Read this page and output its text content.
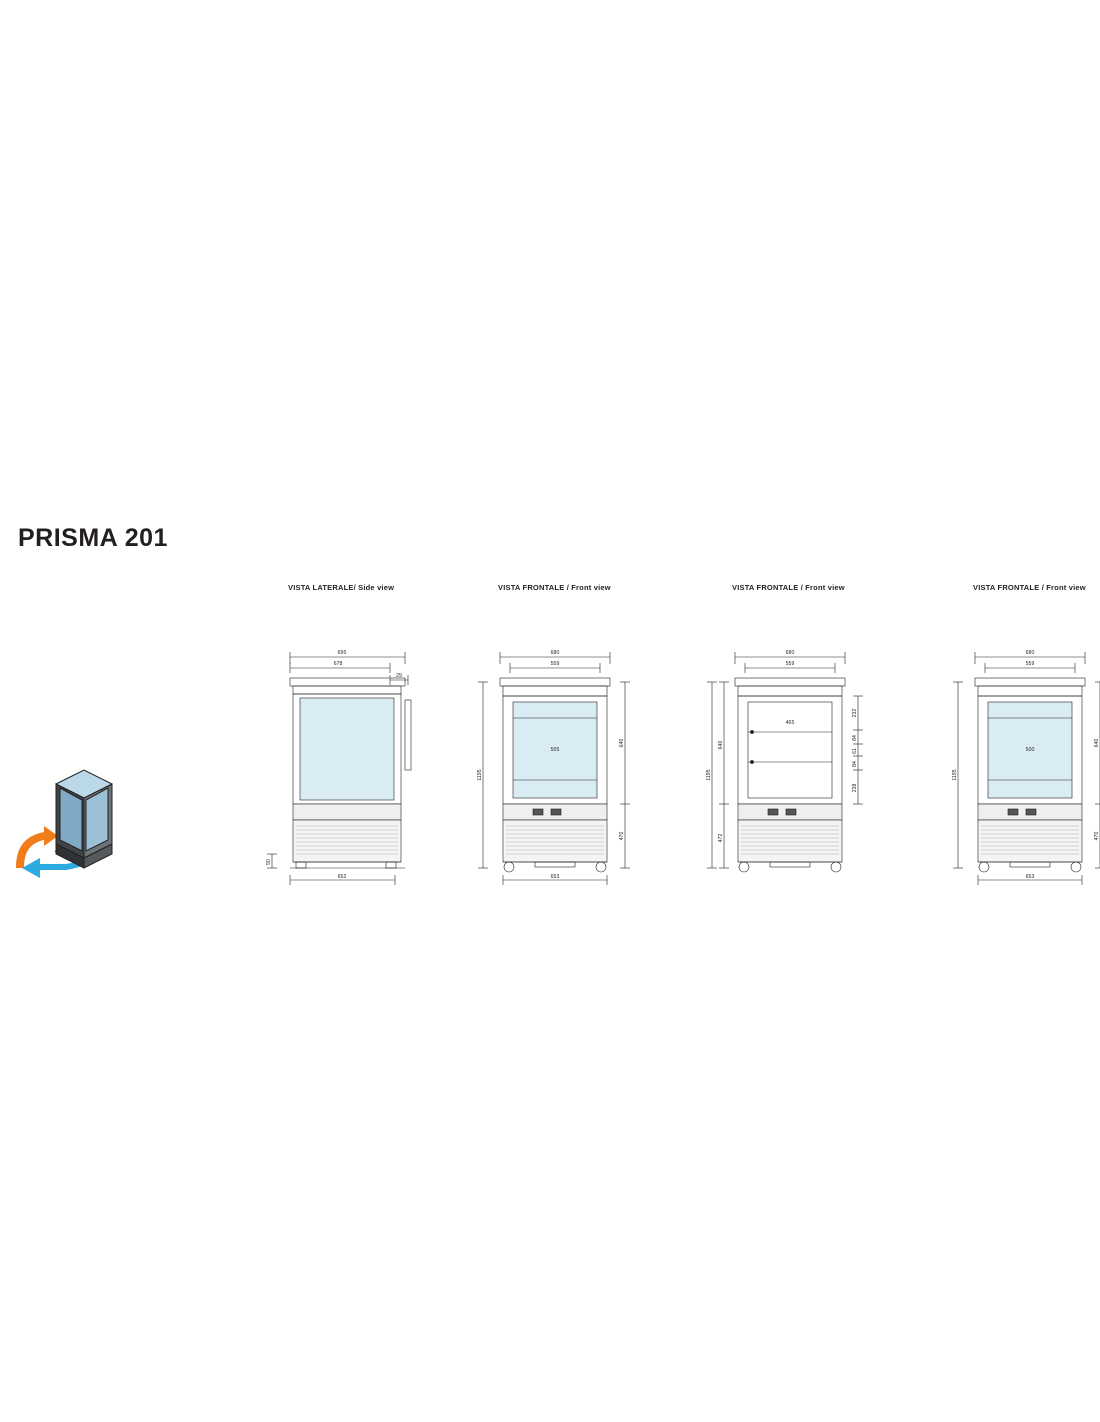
PRISMA 201
VISTA LATERALE/ Side view
695
678
29
50
652
VISTA FRONTALE / Front view
680
559
505
1195
640
470
653
VISTA FRONTALE / Front view
680
559
465
640
472
1195
232
84
61
84
238
VISTA FRONTALE / Front view
680
559
500
1195
640
470
653
